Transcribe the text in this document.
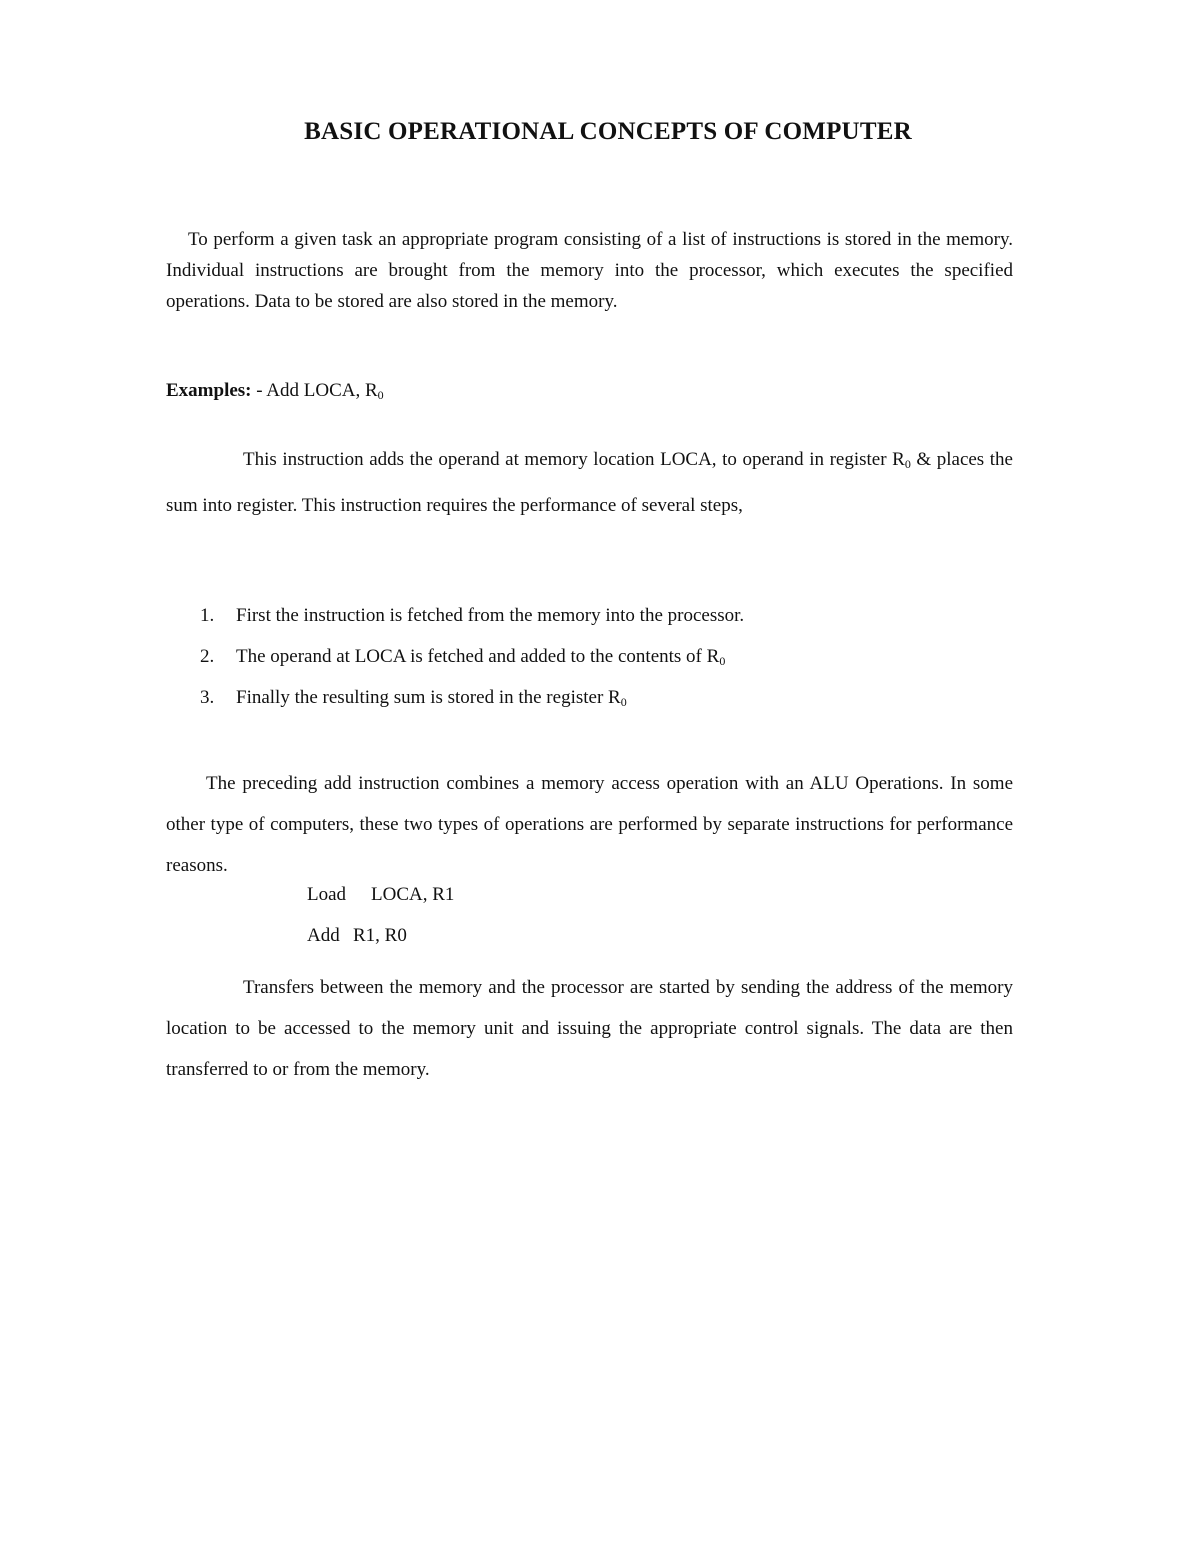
BASIC OPERATIONAL CONCEPTS OF COMPUTER

To perform a given task an appropriate program consisting of a list of instructions is stored in the memory. Individual instructions are brought from the memory into the processor, which executes the specified operations. Data to be stored are also stored in the memory.

Examples: - Add LOCA, $R_0$
This instruction adds the operand at memory location LOCA, to operand in register $R_0$ & places the sum into register. This instruction requires the performance of several steps,
1. First the instruction is fetched from the memory into the processor.
2. The operand at LOCA is fetched and added to the contents of $R_0$
3. Finally the resulting sum is stored in the register $R_0$

The preceding add instruction combines a memory access operation with an ALU Operations. In some other type of computers, these two types of operations are performed by separate instructions for performance reasons.

Load LOCA, R1
Add R1, R0

Transfers between the memory and the processor are started by sending the address of the memory location to be accessed to the memory unit and issuing the appropriate control signals. The data are then transferred to or from the memory.
